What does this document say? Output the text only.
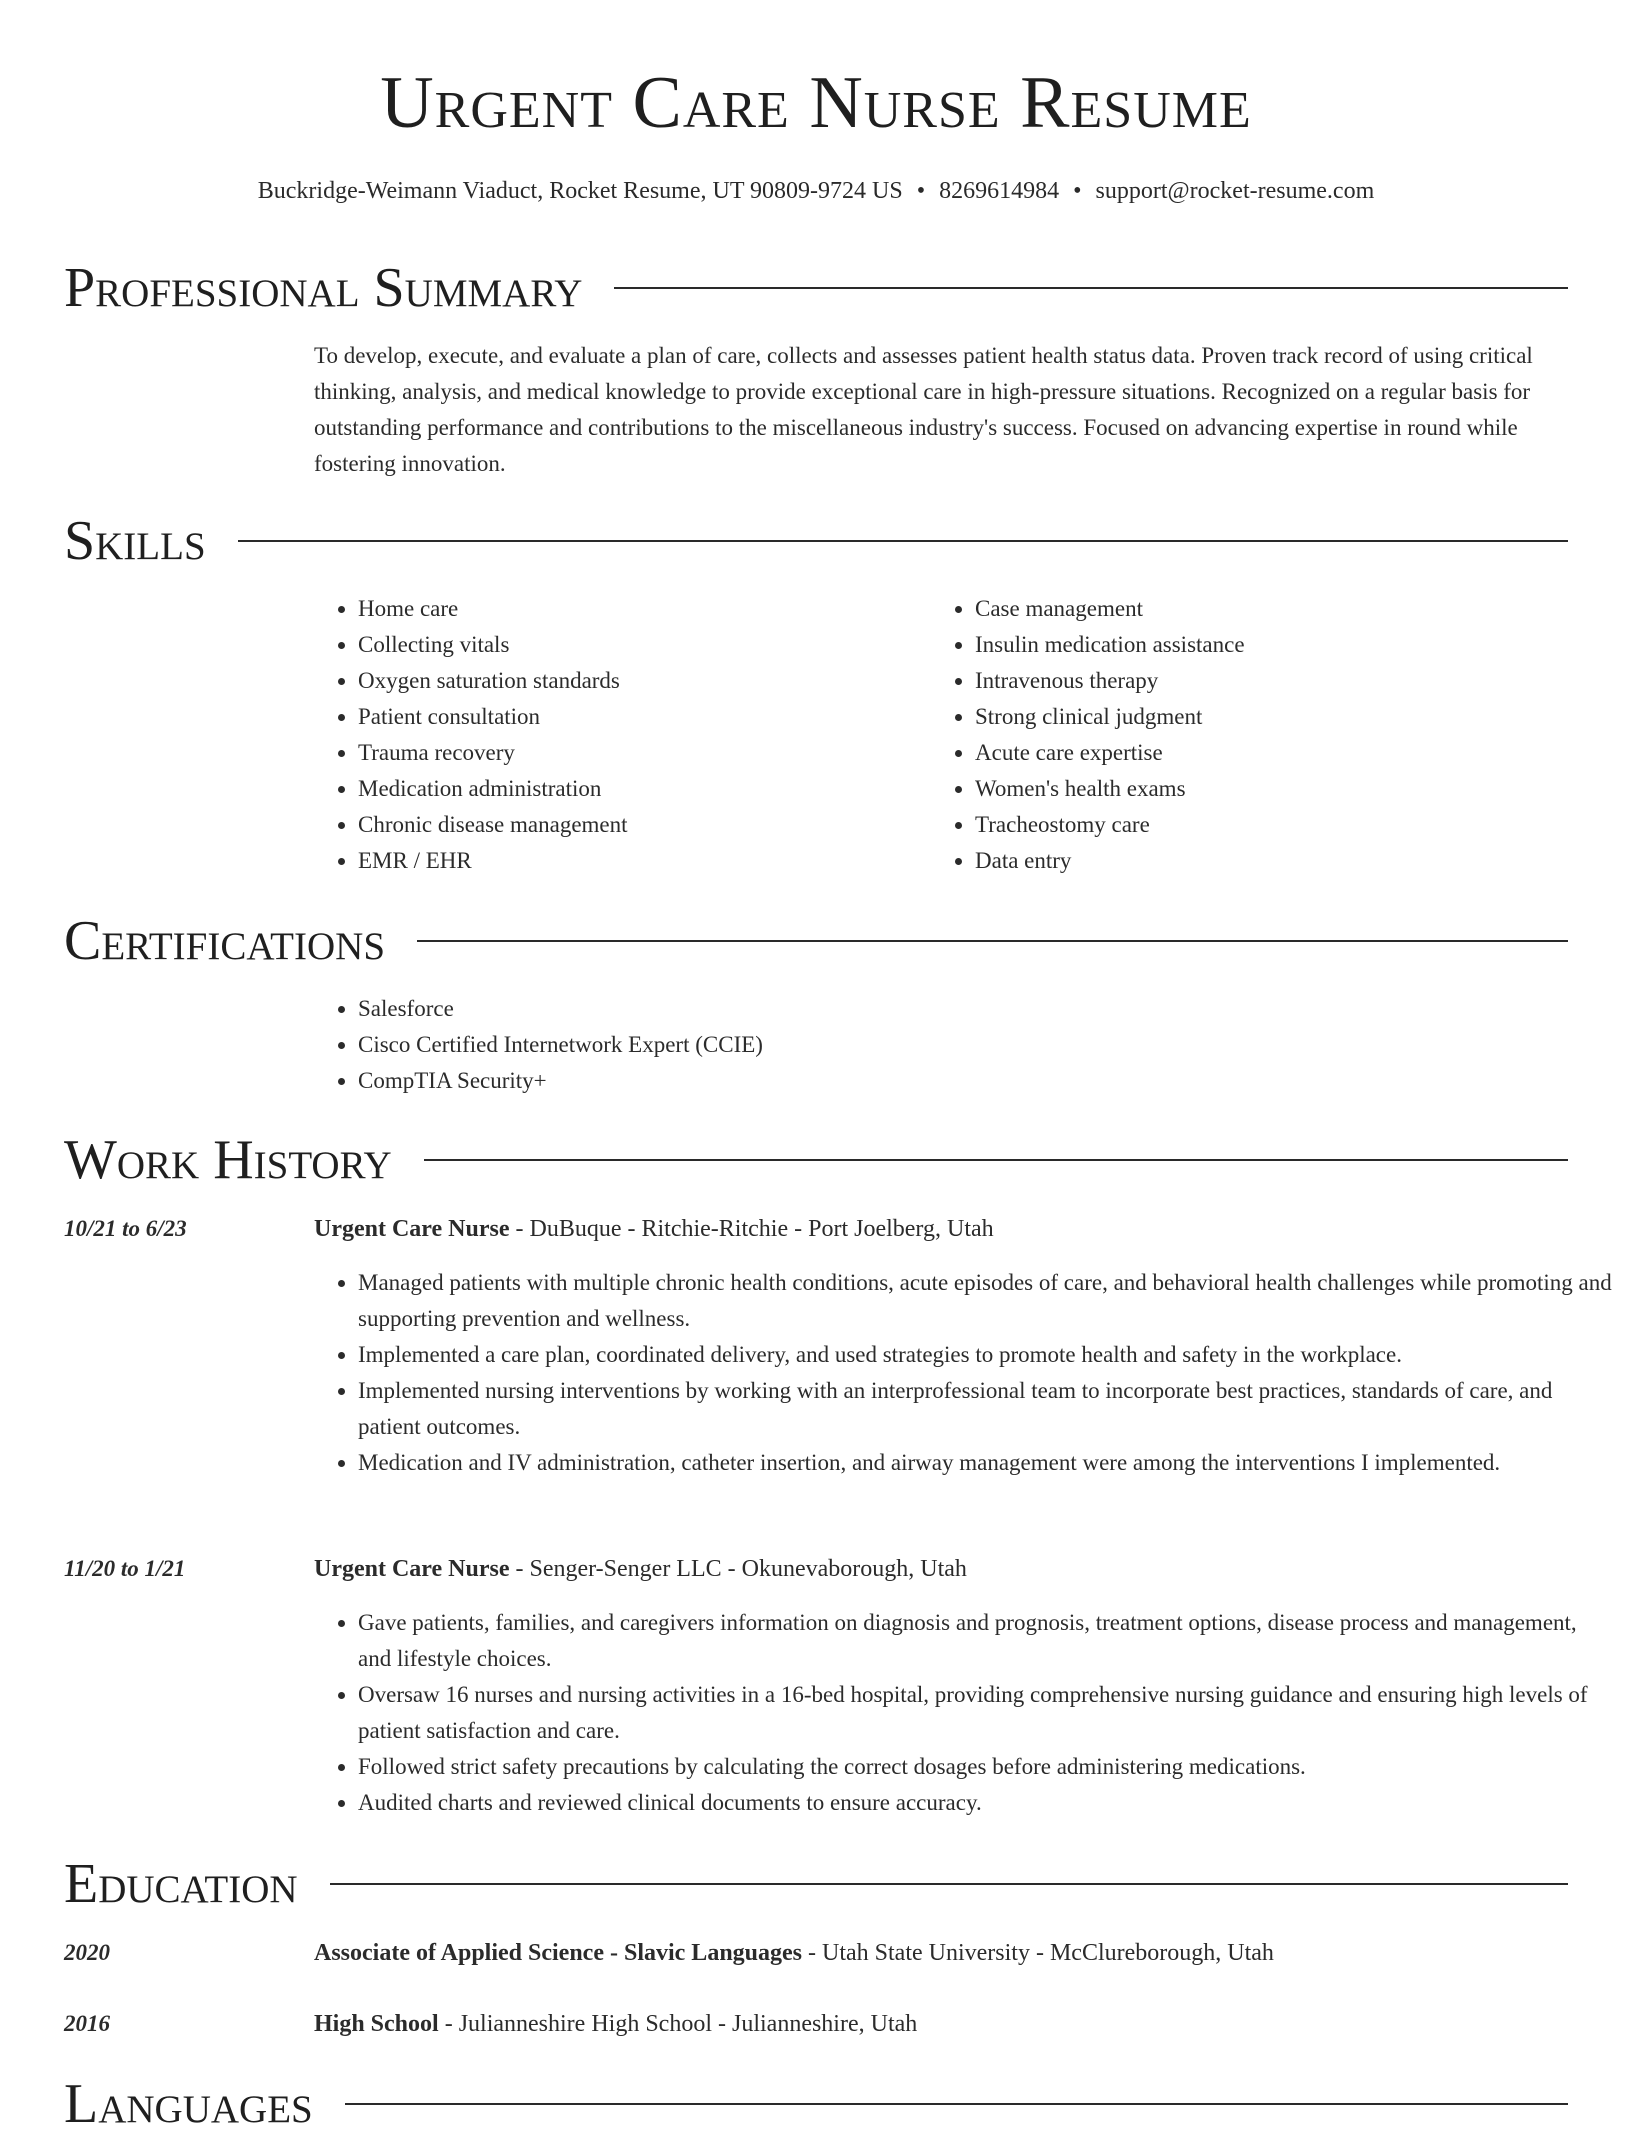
Urgent Care Nurse Resume
Buckridge-Weimann Viaduct, Rocket Resume, UT 90809-9724 US • 8269614984 • support@rocket-resume.com
Professional Summary

To develop, execute, and evaluate a plan of care, collects and assesses patient health status data. Proven track record of using critical thinking, analysis, and medical knowledge to provide exceptional care in high-pressure situations. Recognized on a regular basis for outstanding performance and contributions to the miscellaneous industry's success. Focused on advancing expertise in round while fostering innovation.

Skills
• Home care
• Collecting vitals
• Oxygen saturation standards
• Patient consultation
• Trauma recovery
• Medication administration
• Chronic disease management
• EMR / EHR
• Case management
• Insulin medication assistance
• Intravenous therapy
• Strong clinical judgment
• Acute care expertise
• Women's health exams
• Tracheostomy care
• Data entry
Certifications
• Salesforce
• Cisco Certified Internetwork Expert (CCIE)
• CompTIA Security+
Work History
10/21 to 6/23	Urgent Care Nurse - DuBuque - Ritchie-Ritchie - Port Joelberg, Utah
• Managed patients with multiple chronic health conditions, acute episodes of care, and behavioral health challenges while promoting and supporting prevention and wellness.
• Implemented a care plan, coordinated delivery, and used strategies to promote health and safety in the workplace.
• Implemented nursing interventions by working with an interprofessional team to incorporate best practices, standards of care, and patient outcomes.
• Medication and IV administration, catheter insertion, and airway management were among the interventions I implemented.
11/20 to 1/21	Urgent Care Nurse - Senger-Senger LLC - Okunevaborough, Utah
• Gave patients, families, and caregivers information on diagnosis and prognosis, treatment options, disease process and management, and lifestyle choices.
• Oversaw 16 nurses and nursing activities in a 16-bed hospital, providing comprehensive nursing guidance and ensuring high levels of patient satisfaction and care.
• Followed strict safety precautions by calculating the correct dosages before administering medications.
• Audited charts and reviewed clinical documents to ensure accuracy.
Education
2020	Associate of Applied Science - Slavic Languages - Utah State University - McClureborough, Utah
2016	High School - Julianneshire High School - Julianneshire, Utah
Languages
